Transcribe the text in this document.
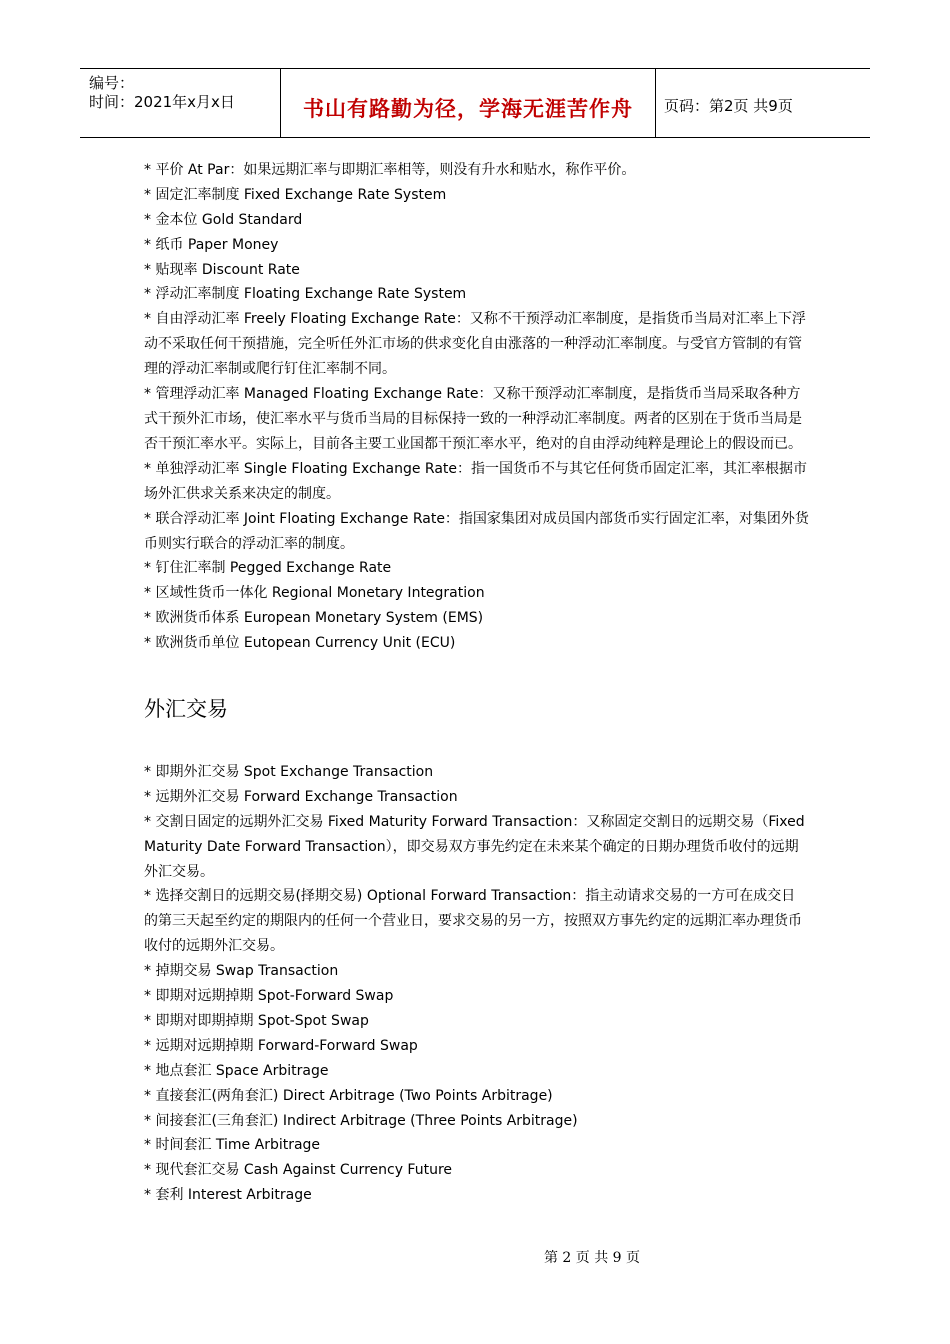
编号：
时间：2021年x月x日	书山有路勤为径，学海无涯苦作舟 页码：第2页 共9页
* 平价 At Par：如果远期汇率与即期汇率相等，则没有升水和贴水，称作平价。
* 固定汇率制度 Fixed Exchange Rate System
* 金本位 Gold Standard
* 纸币 Paper Money
* 贴现率 Discount Rate
* 浮动汇率制度 Floating Exchange Rate System
* 自由浮动汇率 Freely Floating Exchange Rate：又称不干预浮动汇率制度，是指货币当局对汇率上下浮动不采取任何干预措施，完全听任外汇市场的供求变化自由涨落的一种浮动汇率制度。与受官方管制的有管理的浮动汇率制或爬行钉住汇率制不同。
* 管理浮动汇率 Managed Floating Exchange Rate：又称干预浮动汇率制度，是指货币当局采取各种方式干预外汇市场，使汇率水平与货币当局的目标保持一致的一种浮动汇率制度。两者的区别在于货币当局是否干预汇率水平。实际上，目前各主要工业国都干预汇率水平，绝对的自由浮动纯粹是理论上的假设而已。
* 单独浮动汇率 Single Floating Exchange Rate：指一国货币不与其它任何货币固定汇率，其汇率根据市场外汇供求关系来决定的制度。
* 联合浮动汇率 Joint Floating Exchange Rate：指国家集团对成员国内部货币实行固定汇率，对集团外货币则实行联合的浮动汇率的制度。
* 钉住汇率制 Pegged Exchange Rate
* 区域性货币一体化 Regional Monetary Integration
* 欧洲货币体系 European Monetary System (EMS)
* 欧洲货币单位 Eutopean Currency Unit (ECU)
外汇交易
* 即期外汇交易 Spot Exchange Transaction
* 远期外汇交易 Forward Exchange Transaction
* 交割日固定的远期外汇交易 Fixed Maturity Forward Transaction：又称固定交割日的远期交易（Fixed Maturity Date Forward Transaction），即交易双方事先约定在未来某个确定的日期办理货币收付的远期外汇交易。
* 选择交割日的远期交易(择期交易) Optional Forward Transaction：指主动请求交易的一方可在成交日的第三天起至约定的期限内的任何一个营业日，要求交易的另一方，按照双方事先约定的远期汇率办理货币收付的远期外汇交易。
* 掉期交易 Swap Transaction
* 即期对远期掉期 Spot-Forward Swap
* 即期对即期掉期 Spot-Spot Swap
* 远期对远期掉期 Forward-Forward Swap
* 地点套汇 Space Arbitrage
* 直接套汇(两角套汇) Direct Arbitrage (Two Points Arbitrage)
* 间接套汇(三角套汇) Indirect Arbitrage (Three Points Arbitrage)
* 时间套汇 Time Arbitrage
* 现代套汇交易 Cash Against Currency Future
* 套利 Interest Arbitrage
第 2 页 共 9 页
